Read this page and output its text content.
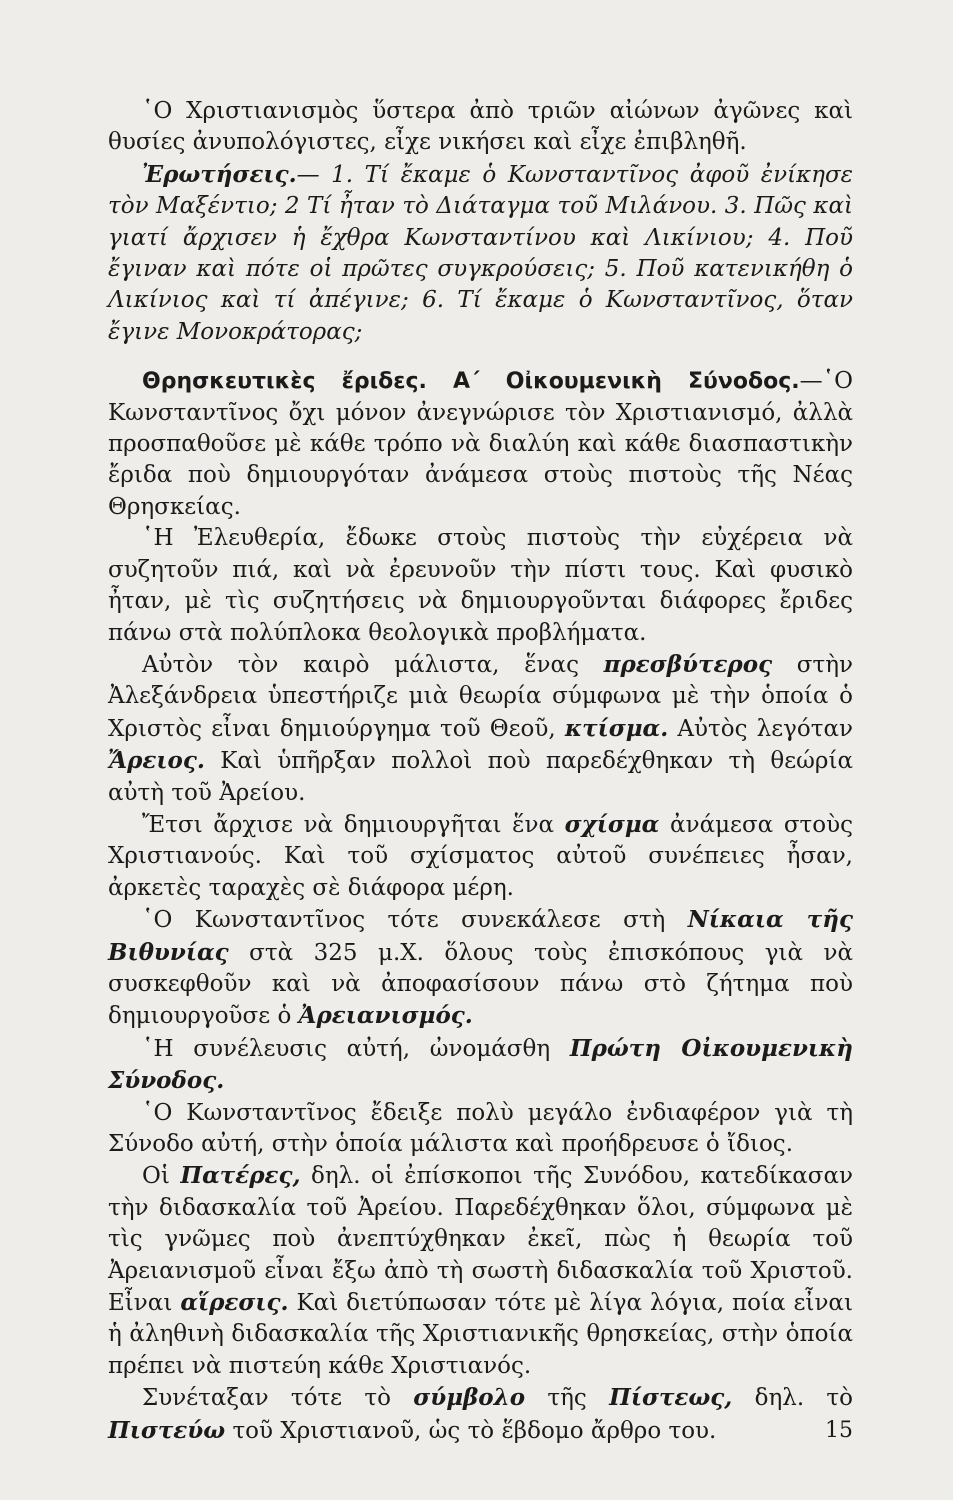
῾Ο Χριστιανισμὸς ὕστερα ἀπὸ τριῶν αἰώνων ἀγῶνες καὶ θυσίες ἀνυπολόγιστες, εἶχε νικήσει καὶ εἶχε ἐπιβληθῆ.

Ἐρωτήσεις.— 1. Τί ἔκαμε ὁ Κωνσταντῖνος ἀφοῦ ἐνίκησε τὸν Μαξέντιο; 2 Τί ἦταν τὸ Διάταγμα τοῦ Μιλάνου. 3. Πῶς καὶ γιατί ἄρχισεν ἡ ἔχθρα Κωνσταντίνου καὶ Λικίνιου; 4. Ποῦ ἔγιναν καὶ πότε οἱ πρῶτες συγκρούσεις; 5. Ποῦ κατενικήθη ὁ Λικίνιος καὶ τί ἀπέγινε; 6. Τί ἔκαμε ὁ Κωνσταντῖνος, ὅταν ἔγινε Μονοκράτορας;

Θρησκευτικὲς ἔριδες. Α΄ Οἰκουμενικὴ Σύνοδος.—῾Ο Κωνσταντῖνος ὄχι μόνον ἀνεγνώρισε τὸν Χριστιανισμό, ἀλλὰ προσπαθοῦσε μὲ κάθε τρόπο νὰ διαλύη καὶ κάθε διασπαστικὴν ἔριδα ποὺ δημιουργόταν ἀνάμεσα στοὺς πιστοὺς τῆς Νέας Θρησκείας.

῾Η Ἐλευθερία, ἔδωκε στοὺς πιστοὺς τὴν εὐχέρεια νὰ συζητοῦν πιά, καὶ νὰ ἐρευνοῦν τὴν πίστι τους. Καὶ φυσικὸ ἦταν, μὲ τὶς συζητήσεις νὰ δημιουργοῦνται διάφορες ἔριδες πάνω στὰ πολύπλοκα θεολογικὰ προβλήματα.

Αὐτὸν τὸν καιρὸ μάλιστα, ἕνας πρεσβύτερος στὴν Ἀλεξάνδρεια ὑπεστήριζε μιὰ θεωρία σύμφωνα μὲ τὴν ὁποία ὁ Χριστὸς εἶναι δημιούργημα τοῦ Θεοῦ, κτίσμα. Αὐτὸς λεγόταν Ἄρειος. Καὶ ὑπῆρξαν πολλοὶ ποὺ παρεδέχθηκαν τὴ θεώρία αὐτὴ τοῦ Ἀρείου.

Ἔτσι ἄρχισε νὰ δημιουργῆται ἕνα σχίσμα ἀνάμεσα στοὺς Χριστιανούς. Καὶ τοῦ σχίσματος αὐτοῦ συνέπειες ἦσαν, ἀρκετὲς ταραχὲς σὲ διάφορα μέρη.

῾Ο Κωνσταντῖνος τότε συνεκάλεσε στὴ Νίκαια τῆς Βιθυνίας στὰ 325 μ.Χ. ὅλους τοὺς ἐπισκόπους γιὰ νὰ συσκεφθοῦν καὶ νὰ ἀποφασίσουν πάνω στὸ ζήτημα ποὺ δημιουργοῦσε ὁ Ἀρειανισμός.

῾Η συνέλευσις αὐτή, ὠνομάσθη Πρώτη Οἰκουμενικὴ Σύνοδος.

῾Ο Κωνσταντῖνος ἔδειξε πολὺ μεγάλο ἐνδιαφέρον γιὰ τὴ Σύνοδο αὐτή, στὴν ὁποία μάλιστα καὶ προήδρευσε ὁ ἴδιος.

Οἱ Πατέρες, δηλ. οἱ ἐπίσκοποι τῆς Συνόδου, κατεδίκασαν τὴν διδασκαλία τοῦ Ἀρείου. Παρεδέχθηκαν ὅλοι, σύμφωνα μὲ τὶς γνῶμες ποὺ ἀνεπτύχθηκαν ἐκεῖ, πὼς ἡ θεωρία τοῦ Ἀρειανισμοῦ εἶναι ἔξω ἀπὸ τὴ σωστὴ διδασκαλία τοῦ Χριστοῦ. Εἶναι αἵρεσις. Καὶ διετύπωσαν τότε μὲ λίγα λόγια, ποία εἶναι ἡ ἀληθινὴ διδασκαλία τῆς Χριστιανικῆς θρησκείας, στὴν ὁποία πρέπει νὰ πιστεύη κάθε Χριστιανός.

Συνέταξαν τότε τὸ σύμβολο τῆς Πίστεως, δηλ. τὸ Πιστεύω τοῦ Χριστιανοῦ, ὡς τὸ ἕβδομο ἄρθρο του.	15
